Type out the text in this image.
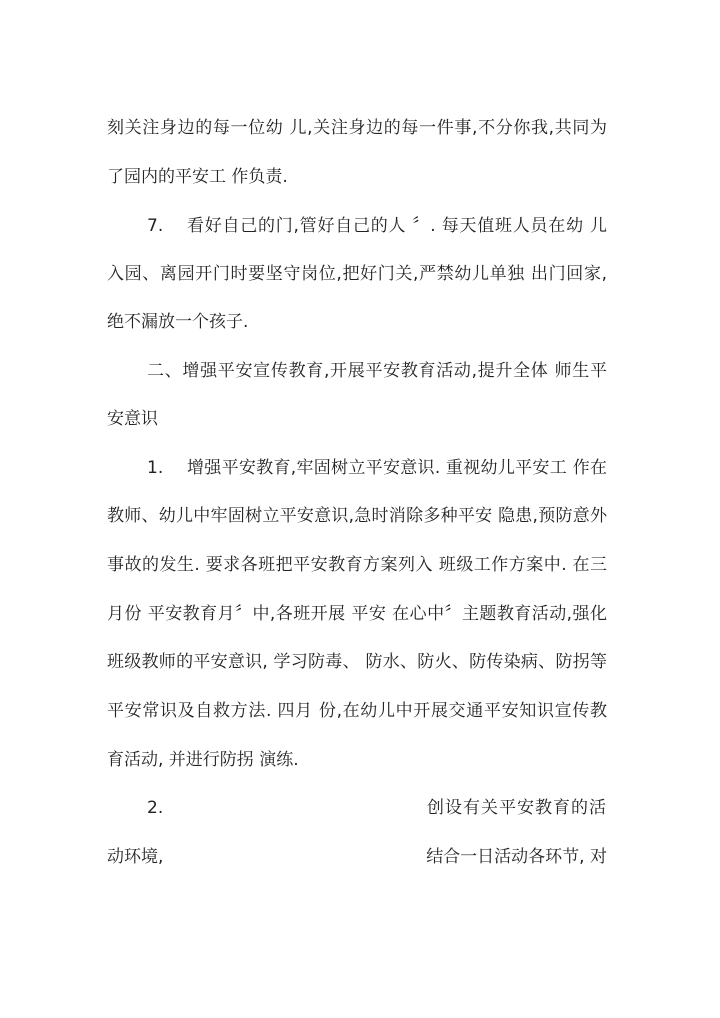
刻关注身边的每一位幼 儿,关注身边的每一件事,不分你我,共同为
了园内的平安工 作负责.
7. 看好自己的门,管好自己的人 〞. 每天值班人员在幼 儿
入园、离园开门时要坚守岗位,把好门关,严禁幼儿单独 出门回家,
绝不漏放一个孩子.
二、增强平安宣传教育,开展平安教育活动,提升全体 师生平
安意识
1. 增强平安教育,牢固树立平安意识. 重视幼儿平安工 作在
教师、幼儿中牢固树立平安意识,急时消除多种平安 隐患,预防意外
事故的发生. 要求各班把平安教育方案列入 班级工作方案中. 在三
月份 平安教育月〞中,各班开展 平安 在心中〞主题教育活动,强化
班级教师的平安意识, 学习防毒、 防水、防火、防传染病、防拐等
平安常识及自救方法. 四月 份,在幼儿中开展交通平安知识宣传教
育活动, 并进行防拐 演练.
2.	创设有关平安教育的活
动环境,	结合一日活动各环节, 对
